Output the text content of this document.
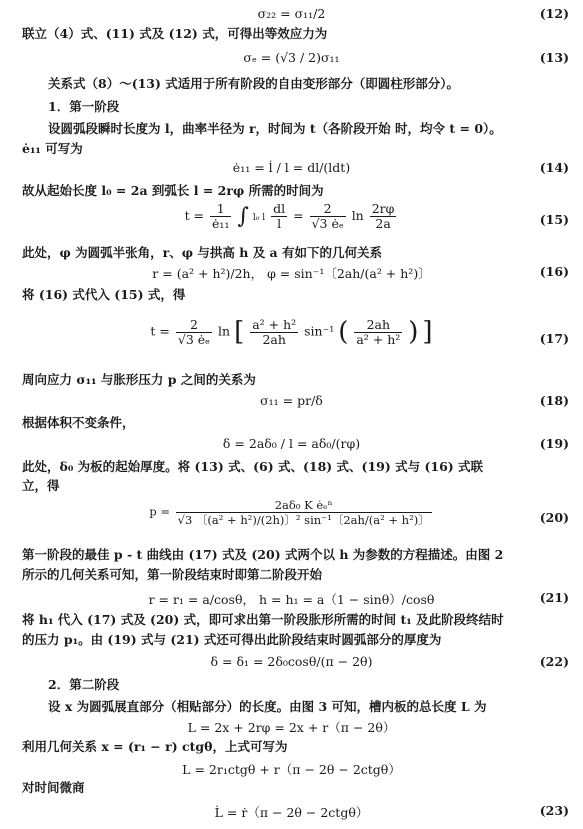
σ₂₂ = σ₁₁/2	(12)
联立（4）式、(11) 式及 (12) 式，可得出等效应力为
σₑ = (√3 / 2)σ₁₁	(13)
关系式（8）～(13) 式适用于所有阶段的自由变形部分（即圆柱形部分）。
1．第一阶段
设圆弧段瞬时长度为 l，曲率半径为 r，时间为 t（各阶段开始 时，均令 t = 0）。
ė₁₁ 可写为
ė₁₁ = l̇ / l = dl/(ldt)	(14)
故从起始长度 l₀ = 2a 到弧长 l = 2rφ 所需的时间为
$t = \frac{1}{\text{ė₁₁}}$ ∫ l₀ l $\frac{dl}{l} = \frac{2}{\text{√3 ėₑ}}$ $\ln \frac{2r\varphi}{2a}$	(15)
此处，φ 为圆弧半张角，r、φ 与拱高 h 及 a 有如下的几何关系
r = (a² + h²)/2h， φ = sin⁻¹〔2ah/(a² + h²)〕	(16)
将 (16) 式代入 (15) 式，得
$t = \frac{2}{\text{√3 ėₑ}}$ ln [ $\frac{\text{a² + h²}}{2ah} \sin^{-1}$ ( $\frac{2ah}{\text{a² + h²}}$ ) ]	(17)
周向应力 σ₁₁ 与胀形压力 p 之间的关系为
σ₁₁ = pr/δ	(18)
根据体积不变条件，
δ = 2aδ₀ / l = aδ₀/(rφ)	(19)
此处，δ₀ 为板的起始厚度。将 (13) 式、(6) 式、(18) 式、(19) 式与 (16) 式联
立，得
$p = \frac{\text{2aδ₀ K ėₑⁿ}}{\text{√3 〔(a² + h²)/(2h)〕² sin⁻¹〔2ah/(a² + h²)〕}}$	(20)
第一阶段的最佳 p - t 曲线由 (17) 式及 (20) 式两个以 h 为参数的方程描述。由图 2
所示的几何关系可知，第一阶段结束时即第二阶段开始
r = r₁ = a/cosθ， h = h₁ = a（1 − sinθ）/cosθ	(21)
将 h₁ 代入 (17) 式及 (20) 式，即可求出第一阶段胀形所需的时间 t₁ 及此阶段终结时
的压力 p₁。由 (19) 式与 (21) 式还可得出此阶段结束时圆弧部分的厚度为
δ = δ₁ = 2δ₀cosθ/(π − 2θ)	(22)
2．第二阶段
设 x 为圆弧展直部分（相贴部分）的长度。由图 3 可知，槽内板的总长度 L 为
L = 2x + 2rφ = 2x + r（π − 2θ）
利用几何关系 x = (r₁ − r) ctgθ，上式可写为
L = 2r₁ctgθ + r（π − 2θ − 2ctgθ）
对时间微商
L̇ = ṙ（π − 2θ − 2ctgθ）	(23)
